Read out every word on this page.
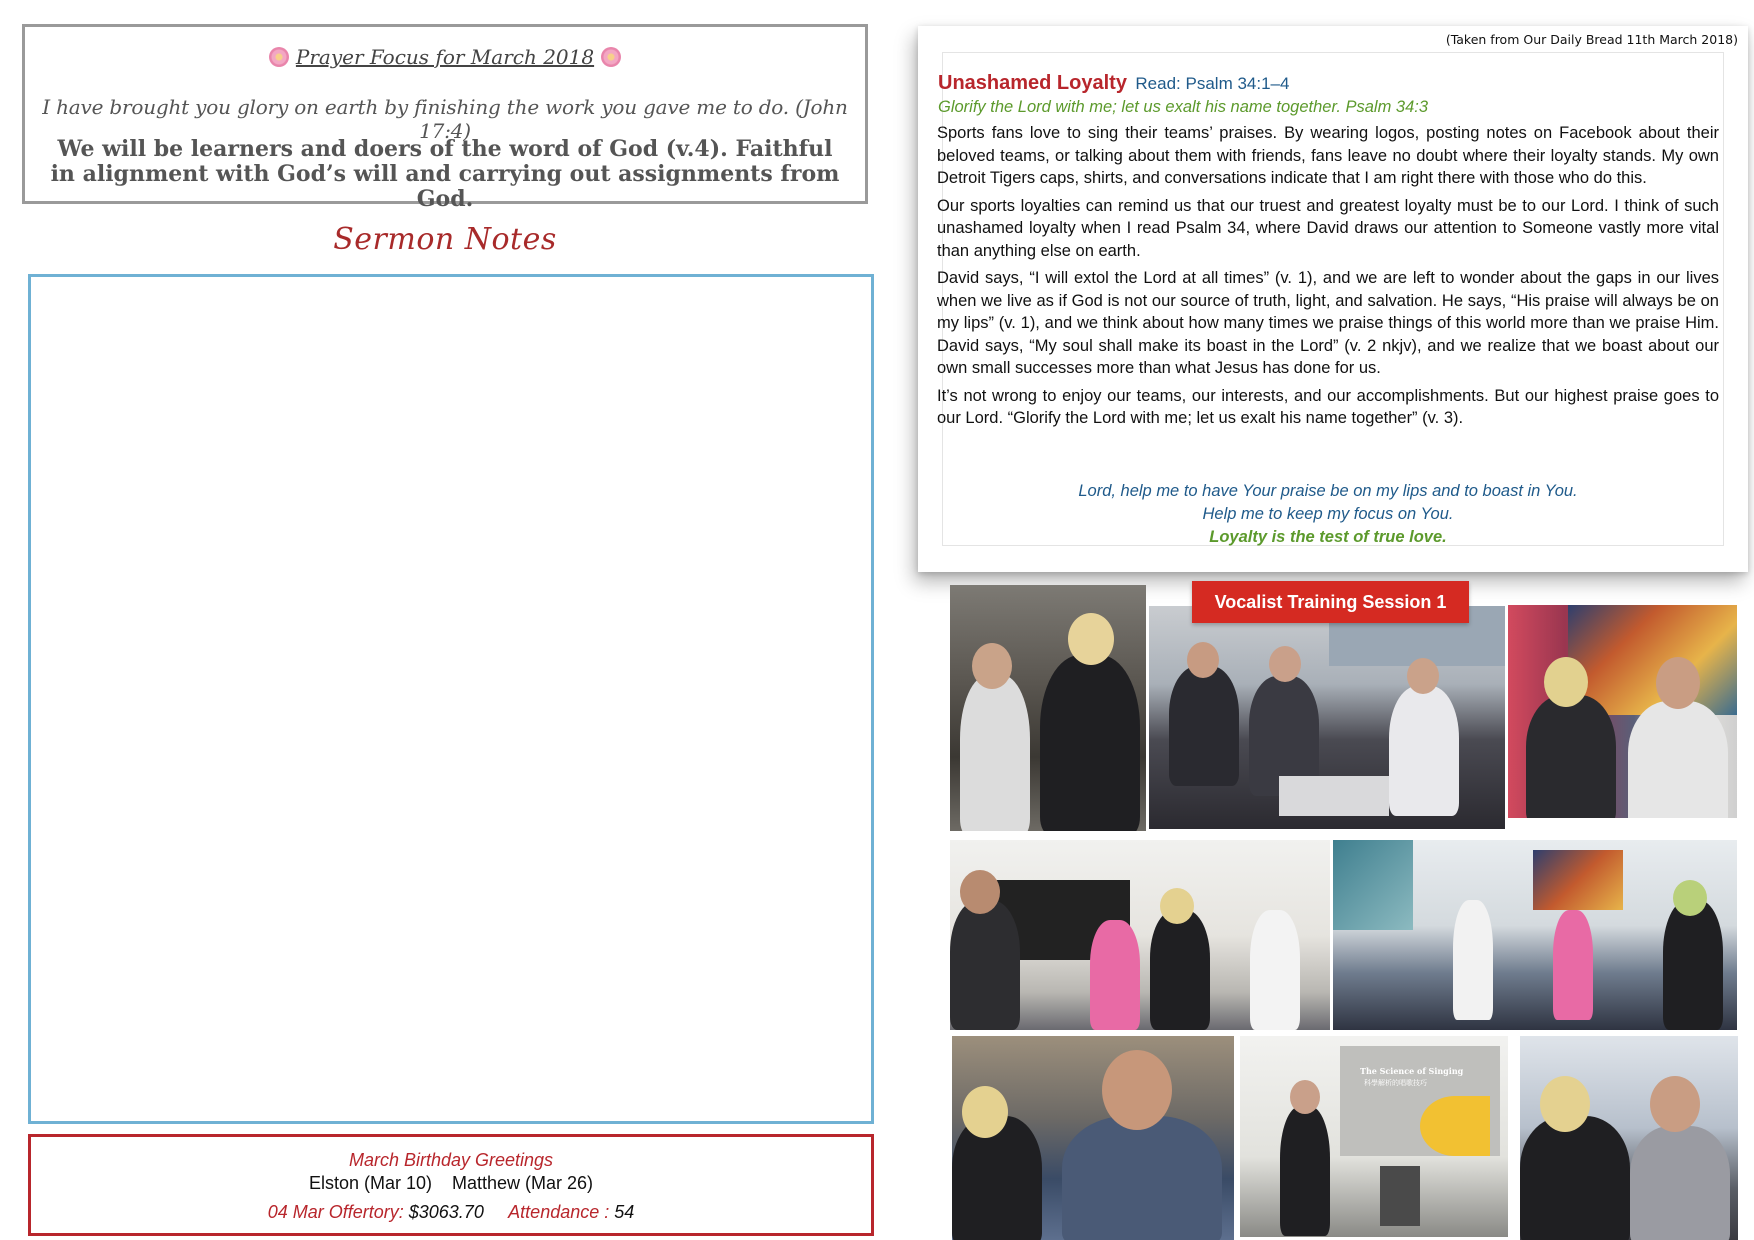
Prayer Focus for March 2018
I have brought you glory on earth by finishing the work you gave me to do. (John 17:4)
We will be learners and doers of the word of God (v.4). Faithful in alignment with God’s will and carrying out assignments from God.
Sermon Notes
March Birthday Greetings
Elston (Mar 10)    Matthew (Mar 26)
04 Mar Offertory: $3063.70 Attendance : 54
(Taken from Our Daily Bread 11th March 2018)
Unashamed Loyalty Read: Psalm 34:1–4
Glorify the Lord with me; let us exalt his name together. Psalm 34:3

Sports fans love to sing their teams’ praises. By wearing logos, posting notes on Facebook about their beloved teams, or talking about them with friends, fans leave no doubt where their loyalty stands. My own Detroit Tigers caps, shirts, and conversations indicate that I am right there with those who do this.

Our sports loyalties can remind us that our truest and greatest loyalty must be to our Lord. I think of such unashamed loyalty when I read Psalm 34, where David draws our attention to Someone vastly more vital than anything else on earth.

David says, “I will extol the Lord at all times” (v. 1), and we are left to wonder about the gaps in our lives when we live as if God is not our source of truth, light, and salvation. He says, “His praise will always be on my lips” (v. 1), and we think about how many times we praise things of this world more than we praise Him. David says, “My soul shall make its boast in the Lord” (v. 2 nkjv), and we realize that we boast about our own small successes more than what Jesus has done for us.

It’s not wrong to enjoy our teams, our interests, and our accomplishments. But our highest praise goes to our Lord. “Glorify the Lord with me; let us exalt his name together” (v. 3).

Lord, help me to have Your praise be on my lips and to boast in You.
Help me to keep my focus on You.
Loyalty is the test of true love.
Vocalist Training Session 1
The Science of Singing
科學解析的唱歌技巧
